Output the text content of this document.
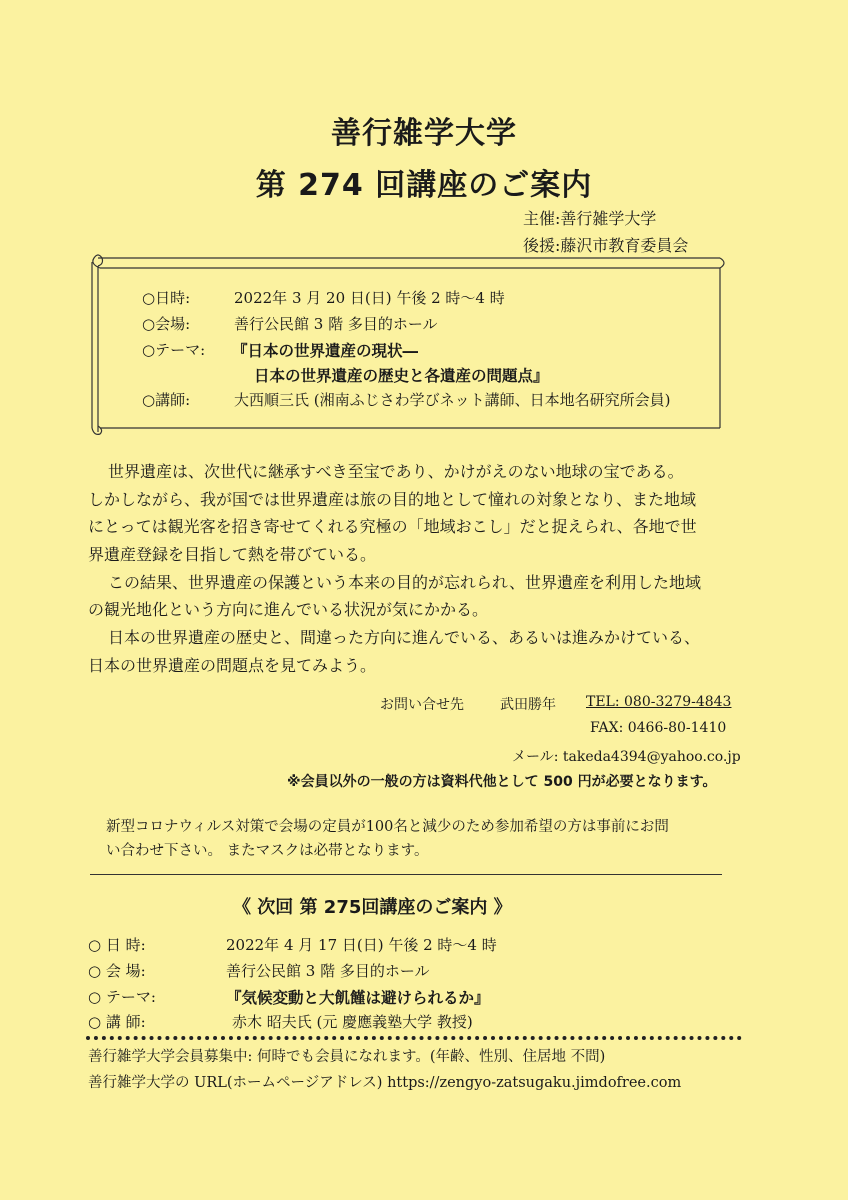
善行雑学大学
第 274 回講座のご案内
主催:善行雑学大学
後援:藤沢市教育委員会
○日時:	2022年 3 月 20 日(日) 午後 2 時～4 時
○会場:	善行公民館 3 階 多目的ホール
○テーマ: 『日本の世界遺産の現状―
日本の世界遺産の歴史と各遺産の問題点』
○講師:	大西順三氏 (湘南ふじさわ学びネット講師、日本地名研究所会員)
世界遺産は、次世代に継承すべき至宝であり、かけがえのない地球の宝である。
しかしながら、我が国では世界遺産は旅の目的地として憧れの対象となり、また地域
にとっては観光客を招き寄せてくれる究極の「地域おこし」だと捉えられ、各地で世
界遺産登録を目指して熱を帯びている。
この結果、世界遺産の保護という本来の目的が忘れられ、世界遺産を利用した地域
の観光地化という方向に進んでいる状況が気にかかる。
日本の世界遺産の歴史と、間違った方向に進んでいる、あるいは進みかけている、
日本の世界遺産の問題点を見てみよう。
お問い合せ先	武田勝年 TEL: 080-3279-4843
FAX: 0466-80-1410
メール: takeda4394@yahoo.co.jp
※会員以外の一般の方は資料代他として 500 円が必要となります。
新型コロナウィルス対策で会場の定員が100名と減少のため参加希望の方は事前にお問
い合わせ下さい。 またマスクは必帯となります。
《 次回 第 275回講座のご案内 》
○ 日 時:	2022年 4 月 17 日(日) 午後 2 時～4 時
○ 会 場:	善行公民館 3 階 多目的ホール
○ テーマ:	『気候変動と大飢饉は避けられるか』
○ 講 師:	赤木 昭夫氏 (元 慶應義塾大学 教授)
善行雑学大学会員募集中: 何時でも会員になれます。(年齢、性別、住居地 不問)
善行雑学大学の URL(ホームページアドレス) https://zengyo-zatsugaku.jimdofree.com
